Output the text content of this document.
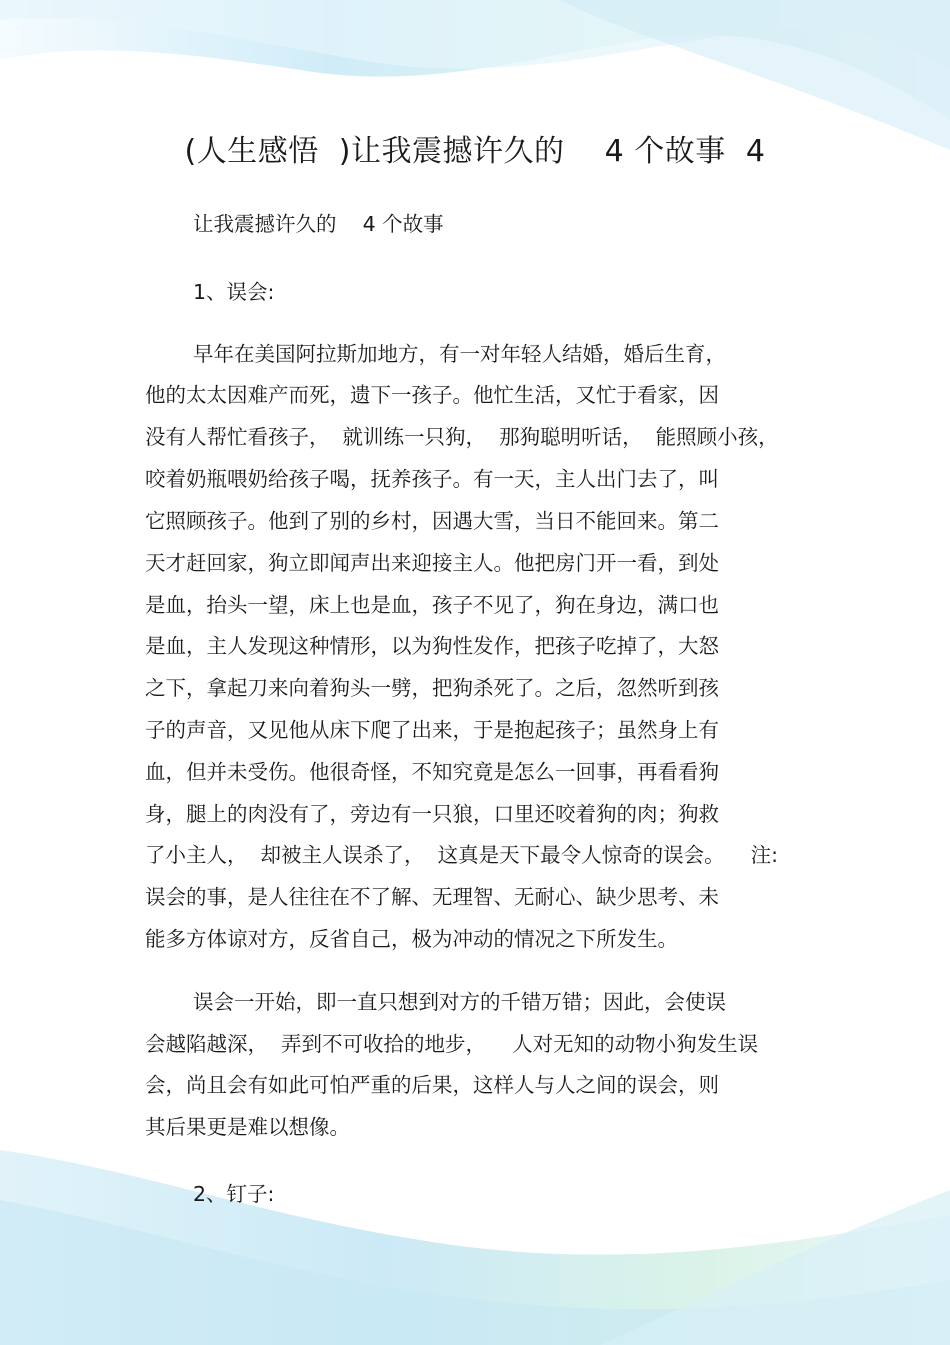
(人生感悟  )让我震撼许久的    4 个故事  4
让我震撼许久的    4 个故事
1、误会:
早年在美国阿拉斯加地方，有一对年轻人结婚，婚后生育，
他的太太因难产而死，遗下一孩子。他忙生活，又忙于看家，因
没有人帮忙看孩子，  就训练一只狗，  那狗聪明听话，  能照顾小孩，
咬着奶瓶喂奶给孩子喝，抚养孩子。有一天，主人出门去了，叫
它照顾孩子。他到了别的乡村，因遇大雪，当日不能回来。第二
天才赶回家，狗立即闻声出来迎接主人。他把房门开一看，到处
是血，抬头一望，床上也是血，孩子不见了，狗在身边，满口也
是血，主人发现这种情形，以为狗性发作，把孩子吃掉了，大怒
之下，拿起刀来向着狗头一劈，把狗杀死了。之后，忽然听到孩
子的声音，又见他从床下爬了出来，于是抱起孩子；虽然身上有
血，但并未受伤。他很奇怪，不知究竟是怎么一回事，再看看狗
身，腿上的肉没有了，旁边有一只狼，口里还咬着狗的肉；狗救
了小主人，  却被主人误杀了，  这真是天下最令人惊奇的误会。    注:
误会的事，是人往往在不了解、无理智、无耐心、缺少思考、未
能多方体谅对方，反省自己，极为冲动的情况之下所发生。
误会一开始，即一直只想到对方的千错万错；因此，会使误
会越陷越深，  弄到不可收拾的地步，    人对无知的动物小狗发生误
会，尚且会有如此可怕严重的后果，这样人与人之间的误会，则
其后果更是难以想像。
2、钉子:
